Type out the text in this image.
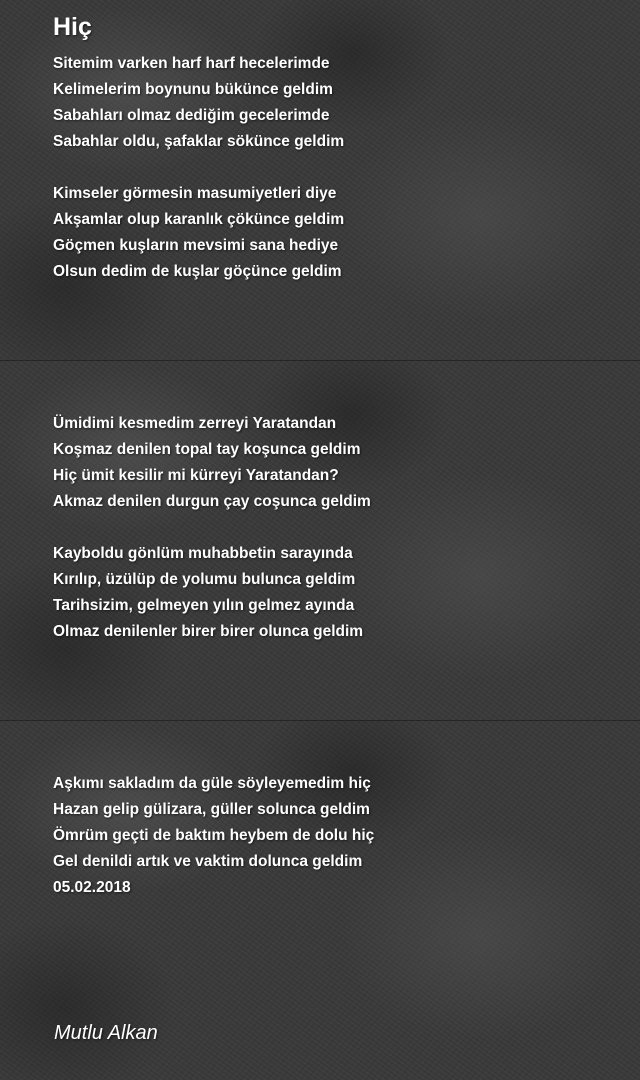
Hiç
Sitemim varken harf harf hecelerimde
Kelimelerim boynunu bükünce geldim
Sabahları olmaz dediğim gecelerimde
Sabahlar oldu, şafaklar sökünce geldim
Kimseler görmesin masumiyetleri diye
Akşamlar olup karanlık çökünce geldim
Göçmen kuşların mevsimi sana hediye
Olsun dedim de kuşlar göçünce geldim
Ümidimi kesmedim zerreyi Yaratandan
Koşmaz denilen topal tay koşunca geldim
Hiç ümit kesilir mi kürreyi Yaratandan?
Akmaz denilen durgun çay coşunca geldim
Kayboldu gönlüm muhabbetin sarayında
Kırılıp, üzülüp de yolumu bulunca geldim
Tarihsizim, gelmeyen yılın gelmez ayında
Olmaz denilenler birer birer olunca geldim
Aşkımı sakladım da güle söyleyemedim hiç
Hazan gelip gülizara, güller solunca geldim
Ömrüm geçti de baktım heybem de dolu hiç
Gel denildi artık ve vaktim dolunca geldim
05.02.2018

Mutlu Alkan
